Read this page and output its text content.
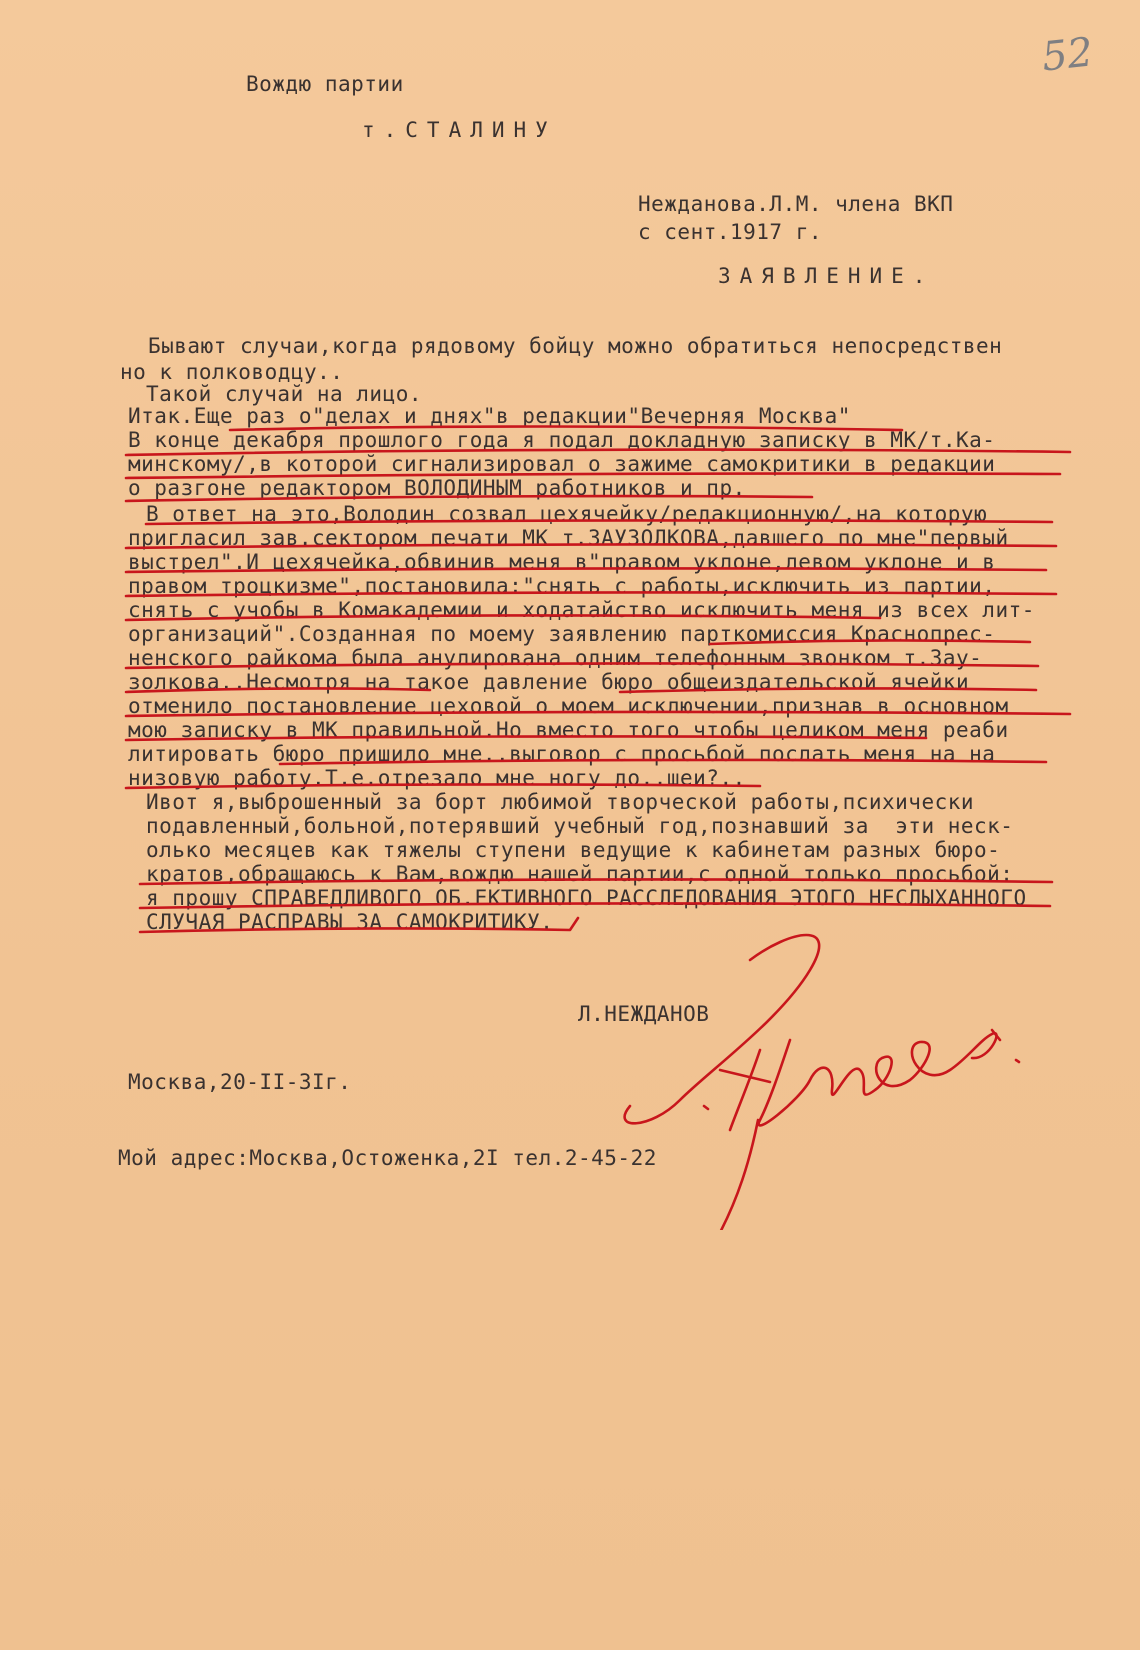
52
Вождю партии
т.СТАЛИНУ
Нежданова.Л.М. члена ВКП
с сент.1917 г.
ЗАЯВЛЕНИЕ.

Бывают случаи,когда рядовому бойцу можно обратиться непосредствен

но к полководцу..

Такой случай на лицо.

Итак.Еще раз о"делах и днях"в редакции"Вечерняя Москва"

В конце декабря прошлого года я подал докладную записку в МК/т.Ка-

минскому/,в которой сигнализировал о зажиме самокритики в редакции

о разгоне редактором ВОЛОДИНЫМ работников и пр.

В ответ на это,Володин созвал цехячейку/редакционную/,на которую

пригласил зав.сектором печати МК т.ЗАУЗОЛКОВА,давшего по мне"первый

выстрел".И цехячейка,обвинив меня в"правом уклоне,левом уклоне и в

правом троцкизме",постановила:"снять с работы,исключить из партии,

снять с учобы в Комакадемии и ходатайство исключить меня из всех лит-

организаций".Созданная по моему заявлению парткомиссия Краснопрес-

ненского райкома была анулирована одним телефонным звонком т.Зау-

золкова..Несмотря на такое давление бюро общеиздательской ячейки

отменило постановление цеховой о моем исключении,признав в основном

мою записку в МК правильной.Но вместо того чтобы целиком меня реаби

литировать бюро пришило мне..выговор с просьбой послать меня на на

низовую работу.Т.е.отрезало мне ногу до..шеи?..

Ивот я,выброшенный за борт любимой творческой работы,психически

подавленный,больной,потерявший учебный год,познавший за  эти неск-

олько месяцев как тяжелы ступени ведущие к кабинетам разных бюро-

кратов,обращаюсь к Вам,вождю нашей партии,с одной только просьбой:

я прошу СПРАВЕДЛИВОГО ОБ.ЕКТИВНОГО РАССЛЕДОВАНИЯ ЭТОГО НЕСЛЫХАННОГО

СЛУЧАЯ РАСПРАВЫ ЗА САМОКРИТИКУ.

Л.НЕЖДАНОВ
Москва,20-II-3Iг.
Мой адрес:Москва,Остоженка,2I тел.2-45-22
